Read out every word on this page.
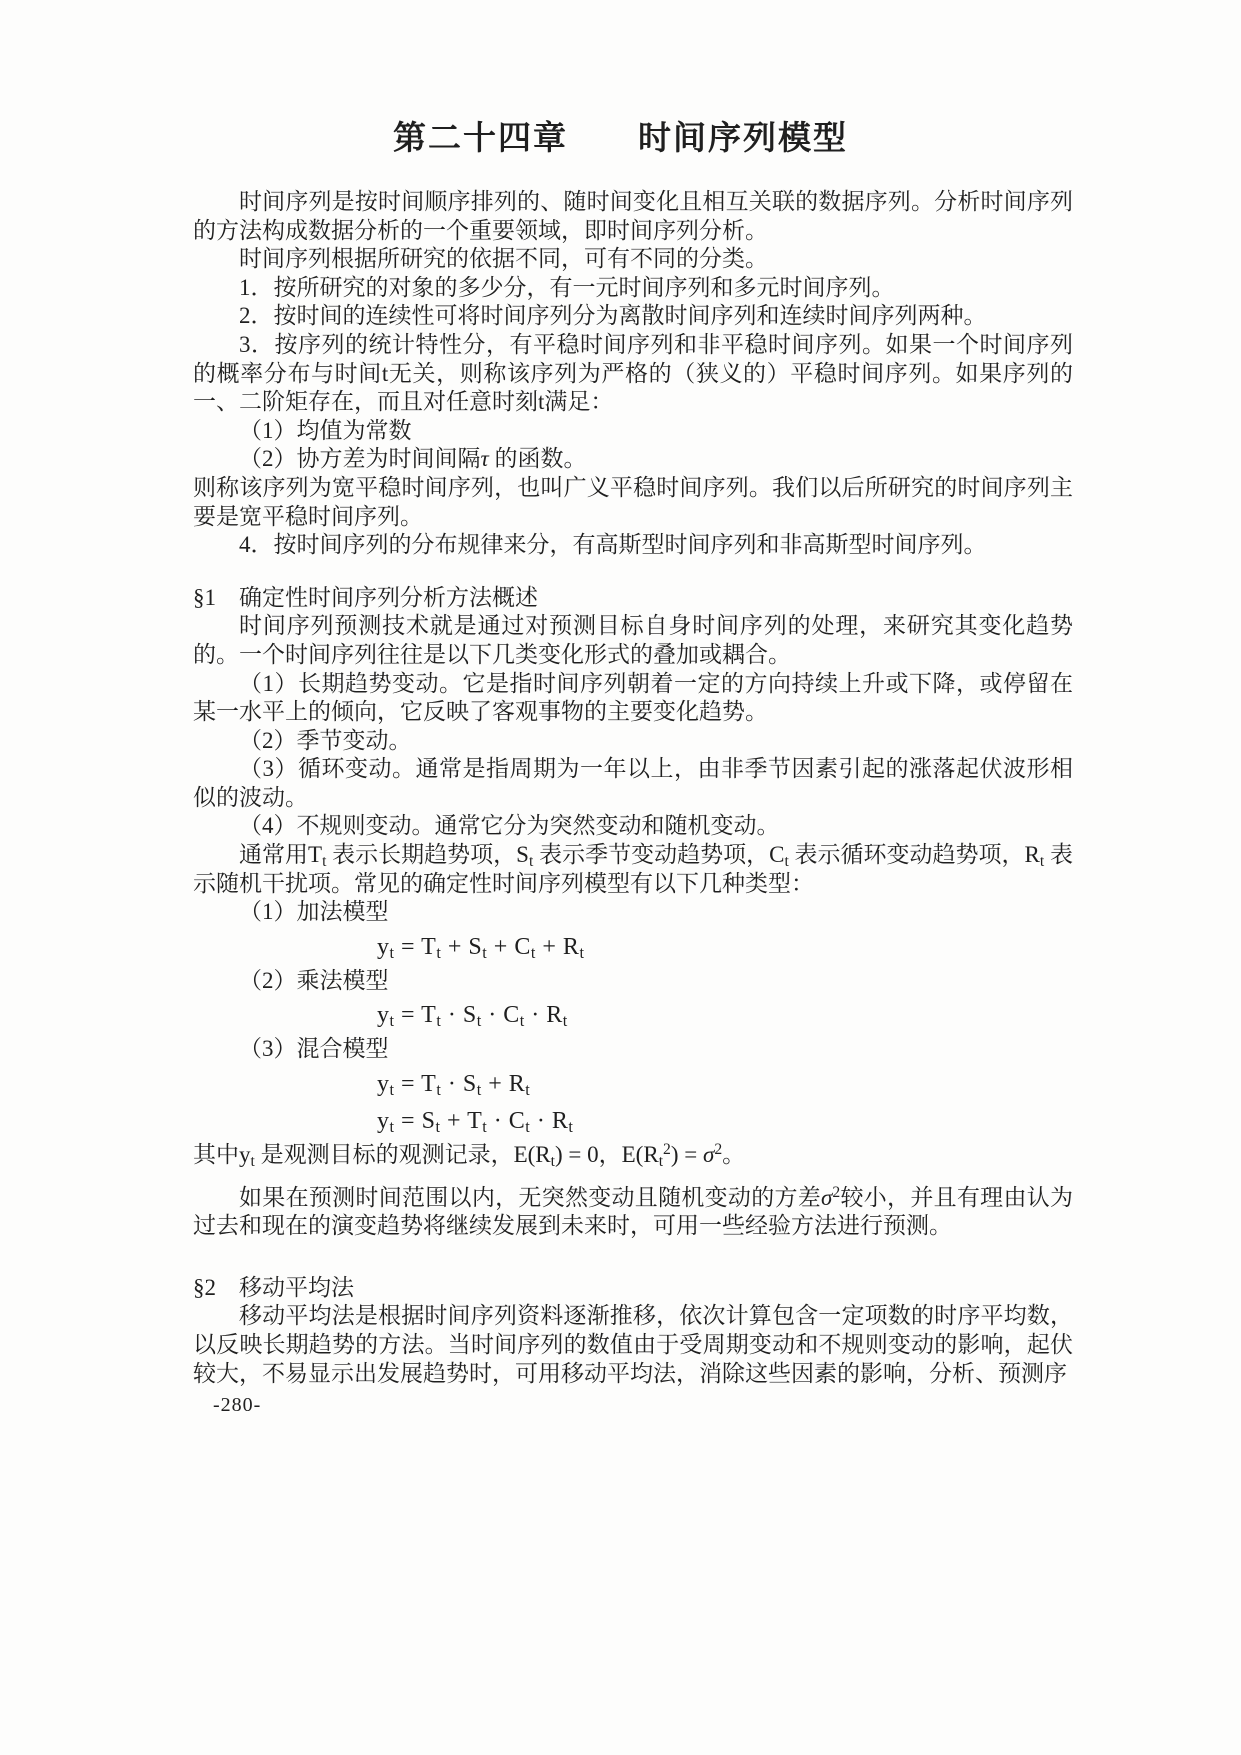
第二十四章　　时间序列模型

时间序列是按时间顺序排列的、随时间变化且相互关联的数据序列。分析时间序列的方法构成数据分析的一个重要领域，即时间序列分析。

时间序列根据所研究的依据不同，可有不同的分类。

1．按所研究的对象的多少分，有一元时间序列和多元时间序列。

2．按时间的连续性可将时间序列分为离散时间序列和连续时间序列两种。

3．按序列的统计特性分，有平稳时间序列和非平稳时间序列。如果一个时间序列的概率分布与时间t无关，则称该序列为严格的（狭义的）平稳时间序列。如果序列的一、二阶矩存在，而且对任意时刻t满足：

（1）均值为常数

（2）协方差为时间间隔τ 的函数。

则称该序列为宽平稳时间序列，也叫广义平稳时间序列。我们以后所研究的时间序列主要是宽平稳时间序列。

4．按时间序列的分布规律来分，有高斯型时间序列和非高斯型时间序列。

§1　确定性时间序列分析方法概述

时间序列预测技术就是通过对预测目标自身时间序列的处理，来研究其变化趋势的。一个时间序列往往是以下几类变化形式的叠加或耦合。

（1）长期趋势变动。它是指时间序列朝着一定的方向持续上升或下降，或停留在某一水平上的倾向，它反映了客观事物的主要变化趋势。

（2）季节变动。

（3）循环变动。通常是指周期为一年以上，由非季节因素引起的涨落起伏波形相似的波动。

（4）不规则变动。通常它分为突然变动和随机变动。

通常用$T_t$ 表示长期趋势项，$S_t$ 表示季节变动趋势项，$C_t$ 表示循环变动趋势项，$R_t$ 表示随机干扰项。常见的确定性时间序列模型有以下几种类型：

（1）加法模型

$y_t = T_t + S_t + C_t + R_t$

（2）乘法模型

$y_t = T_t \cdot S_t \cdot C_t \cdot R_t$

（3）混合模型

$y_t = T_t \cdot S_t + R_t$

$y_t = S_t + T_t \cdot C_t \cdot R_t$

其中$y_t$ 是观测目标的观测记录，$E(R_t) = 0$，$E(R_t^2) = \sigma^2$。

如果在预测时间范围以内，无突然变动且随机变动的方差$\sigma^2$较小，并且有理由认为过去和现在的演变趋势将继续发展到未来时，可用一些经验方法进行预测。

§2　移动平均法

移动平均法是根据时间序列资料逐渐推移，依次计算包含一定项数的时序平均数，以反映长期趋势的方法。当时间序列的数值由于受周期变动和不规则变动的影响，起伏较大，不易显示出发展趋势时，可用移动平均法，消除这些因素的影响，分析、预测序

-280-
